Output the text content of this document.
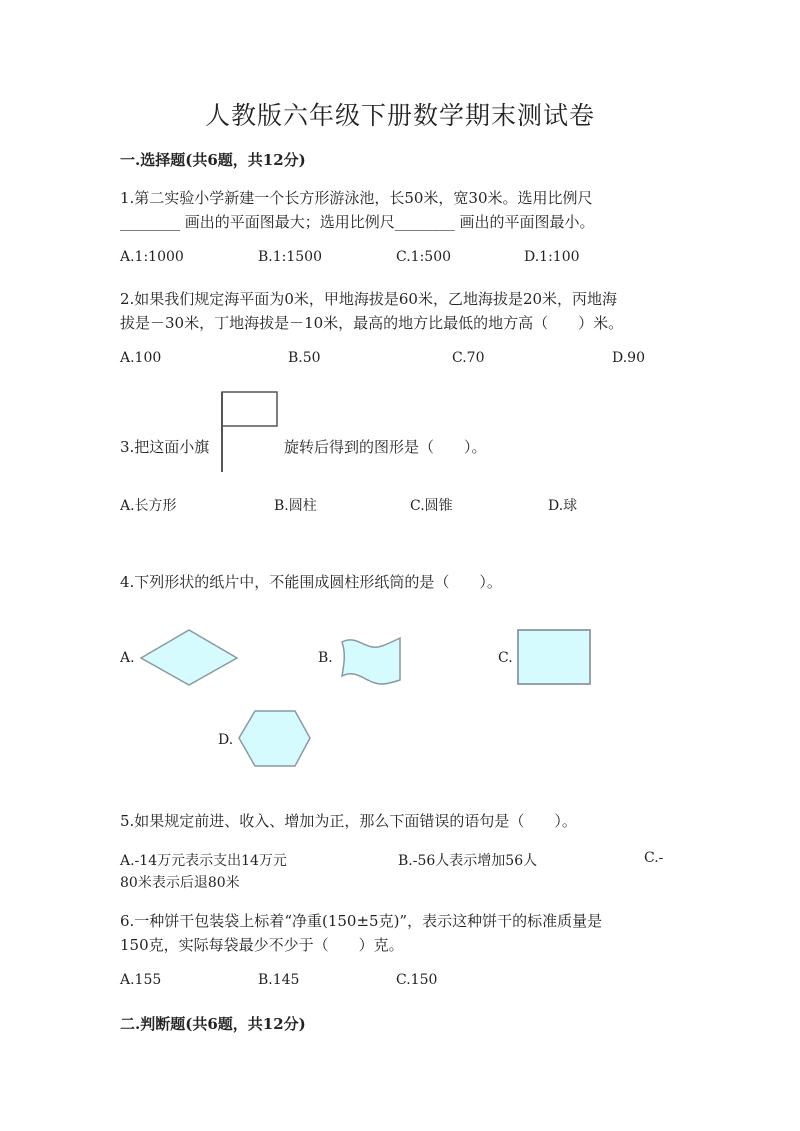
人教版六年级下册数学期末测试卷
一.选择题(共6题，共12分)
1.第二实验小学新建一个长方形游泳池，长50米，宽30米。选用比例尺
________ 画出的平面图最大；选用比例尺________ 画出的平面图最小。
A.1:1000	B.1:1500	C.1:500	D.1:100
2.如果我们规定海平面为0米，甲地海拔是60米，乙地海拔是20米，丙地海
拔是－30米，丁地海拔是－10米，最高的地方比最低的地方高（　　）米。
A.100	B.50	C.70	D.90
3.把这面小旗	旋转后得到的图形是（　　）。
A.长方形	B.圆柱	C.圆锥	D.球
4.下列形状的纸片中，不能围成圆柱形纸筒的是（　　）。
A.	B.	C.
D.
5.如果规定前进、收入、增加为正，那么下面错误的语句是（　　）。
A.-14万元表示支出14万元	B.-56人表示增加56人	C.-
80米表示后退80米
6.一种饼干包装袋上标着“净重(150±5克)”，表示这种饼干的标准质量是
150克，实际每袋最少不少于（　　）克。
A.155	B.145	C.150
二.判断题(共6题，共12分)
